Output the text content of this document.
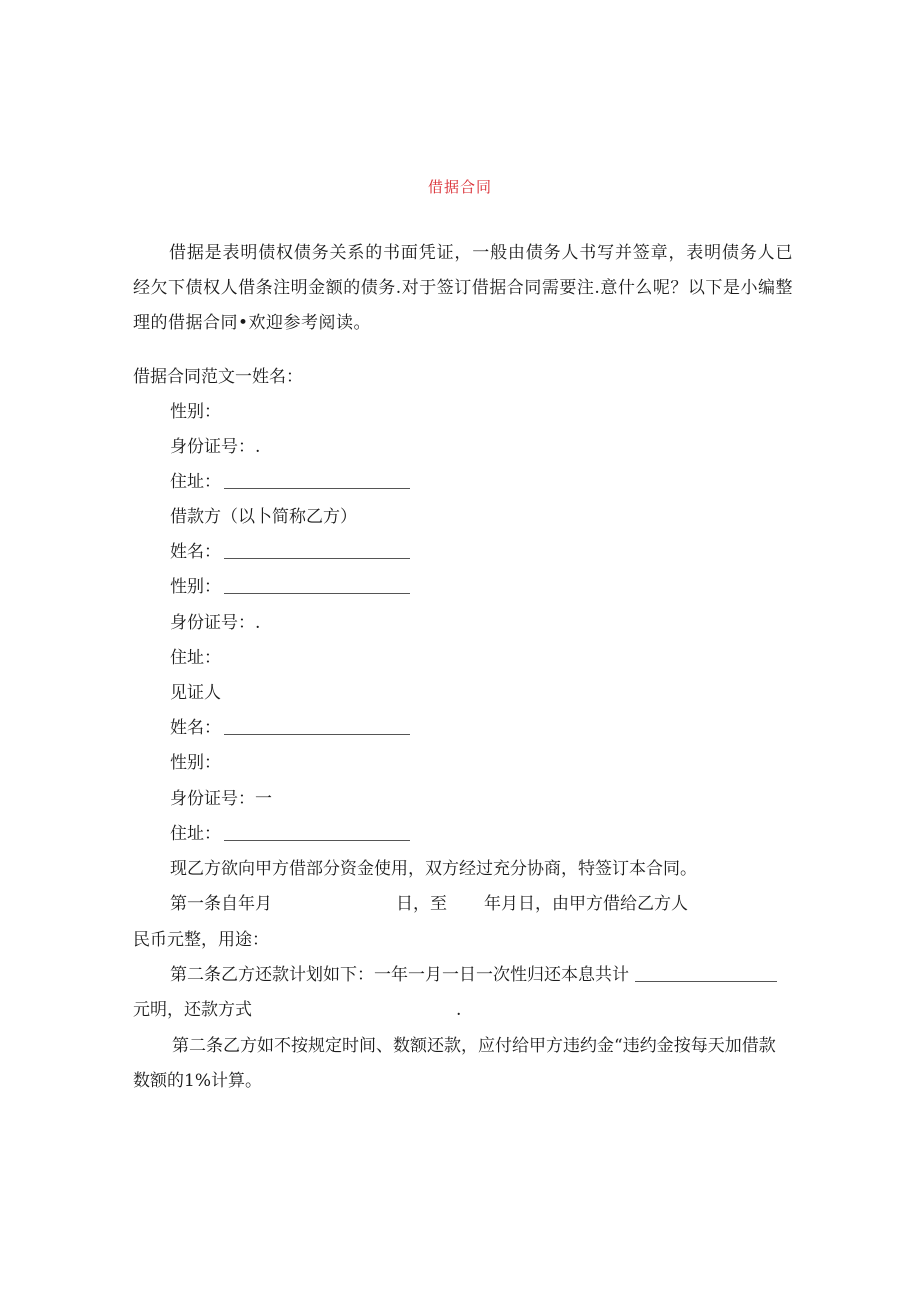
借据合同
借据是表明债权债务关系的书面凭证，一般由债务人书写并签章，表明债务人已经欠下债权人借条注明金额的债务.对于签订借据合同需要注.意什么呢？以下是小编整理的借据合同•欢迎参考阅读。
借据合同范文一姓名：
性别：
身份证号：.
住址：
借款方（以卜简称乙方）
姓名：
性别：
身份证号：.
住址：
见证人
姓名：
性别：
身份证号：一
住址：
现乙方欲向甲方借部分资金使用，双方经过充分协商，特签订本合同。
第一条自年月	日，至 年月日，由甲方借给乙方人
民币元整，用途：
第二条乙方还款计划如下：一年一月一日一次性归还本息共计
元明，还款方式	.
第二条乙方如不按规定时间、数额还款，应付给甲方违约金“违约金按每天加借款
数额的1%计算。
